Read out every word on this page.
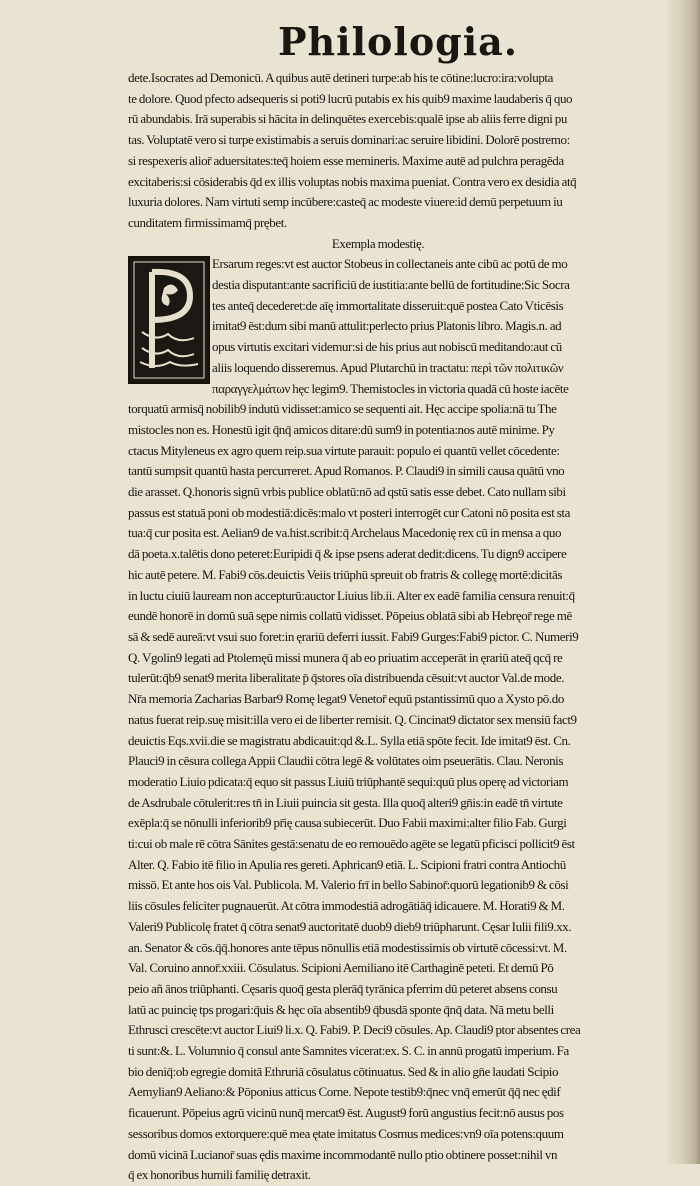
Philologia.
dete.Isocrates ad Demonicū. A quibus autē detineri turpe:ab his te cōtine:lucro:ira:volupta
te dolore. Quod pfecto adsequeris si poti9 lucrū putabis ex his quib9 maxime laudaberis q̄ quo
rū abundabis. Irā superabis si hācita in delinquētes exercebis:qualē ipse ab aliis ferre digni pu
tas. Voluptatē vero si turpe existimabis a seruis dominari:ac seruire libidini. Dolorē postremo:
si respexeris alior̄ aduersitates:teq̄ hoiem esse memineris. Maxime autē ad pulchra peragēda
excitaberis:si cōsiderabis q̄d ex illis voluptas nobis maxima pueniat. Contra vero ex desidia atq̄
luxuria dolores. Nam virtuti semp incūbere:casteq̄ ac modeste viuere:id demū perpetuum iu
cunditatem firmissimamq̄ prębet.
Exempla modestię.
Ersarum reges:vt est auctor Stobeus in collectaneis ante cibū ac potū de mo
destia disputant:ante sacrificiū de iustitia:ante bellū de fortitudine:Sic Socra
tes anteq̄ decederet:de aīę immortalitate disseruit:quē postea Cato Vticēsis
imitat9 ēst:dum sibi manū attulit:perlecto prius Platonis libro. Magis.n. ad
opus virtutis excitari videmur:si de his prius aut nobiscū meditando:aut cū
aliis loquendo disseremus. Apud Plutarchū in tractatu: περὶ τῶν πολιτικῶν
παραγγελμάτων hęc legim9. Themistocles in victoria quadā cū hoste iacēte
torquatū armisq̄ nobilib9 indutū vidisset:amico se sequenti ait. Hęc accipe spolia:nā tu The
mistocles non es. Honestū igit q̄nq̄ amicos ditare:dū sum9 in potentia:nos autē minime. Py
ctacus Mityleneus ex agro quem reip.sua virtute parauit: populo ei quantū vellet cōcedente:
tantū sumpsit quantū hasta percurreret. Apud Romanos. P. Claudi9 in simili causa quātū vno
die arasset. Q.honoris signū vrbis publice oblatū:nō ad qstū satis esse debet. Cato nullam sibi
passus est statuā poni ob modestiā:dicēs:malo vt posteri interrogēt cur Catoni nō posita est sta
tua:q̄ cur posita est. Aelian9 de va.hist.scribit:q̄ Archelaus Macedonię rex cū in mensa a quo
dā poeta.x.talētis dono peteret:Euripidi q̄ & ipse psens aderat dedit:dicens. Tu dign9 accipere
hic autē petere. M. Fabi9 cōs.deuictis Veiis triūphū spreuit ob fratris & collegę mortē:dicitās
in luctu ciuiū lauream non accepturū:auctor Liuius lib.ii. Alter ex eadē familia censura renuit:q̄
eundē honorē in domū suā sępe nimis collatū vidisset. Pōpeius oblatā sibi ab Hebręor̄ rege mē
sā & sedē aureā:vt vsui suo foret:in ęrariū deferri iussit. Fabi9 Gurges:Fabi9 pictor. C. Numeri9
Q. Vgolin9 legati ad Ptolemęū missi munera q̄ ab eo priuatim acceperāt in ęrariū ateq̄ qcq̄ re
tulerūt:q̄b9 senat9 merita liberalitate p̄ q̄stores oīa distribuenda cēsuit:vt auctor Val.de mode.
Nr̄a memoria Zacharias Barbar9 Romę legat9 Venetor̄ equū pstantissimū quo a Xysto pō.do
natus fuerat reip.suę misit:illa vero ei de liberter remisit. Q. Cincinat9 dictator sex mensiū fact9
deuictis Eqs.xvii.die se magistratu abdicauit:qd &.L. Sylla etiā spōte fecit. Ide imitat9 ēst. Cn.
Plauci9 in cēsura collega Appii Claudii cōtra legē & volūtates oim pseuerātis. Clau. Neronis
moderatio Liuio pdicata:q̄ equo sit passus Liuiū triūphantē sequi:quū plus operę ad victoriam
de Asdrubale cōtulerit:res tn̄ in Liuii puincia sit gesta. Illa quoq̄ alteri9 gn̄is:in eadē tn̄ virtute
exēpla:q̄ se nōnulli inferiorib9 pr̄ię causa subiecerūt. Duo Fabii maximi:alter filio Fab. Gurgi
ti:cui ob male rē cōtra Sānites gestā:senatu de eo remouēdo agēte se legatū pficisci pollicit9 ēst
Alter. Q. Fabio itē filio in Apulia res gereti. Aphrican9 etiā. L. Scipioni fratri contra Antiochū
missō. Et ante hos ois Val. Publicola. M. Valerio frī in bello Sabinor̄:quorū legationib9 & cōsi
liis cōsules feliciter pugnauerūt. At cōtra immodestiā adrogātiāq̄ idicauere. M. Horati9 & M.
Valeri9 Publicolę fratet q̄ cōtra senat9 auctoritatē duob9 dieb9 triūpharunt. Cęsar Iulii fili9.xx.
an. Senator & cōs.q̄q̄.honores ante tēpus nōnullis etiā modestissimis ob virtutē cōcessi:vt. M.
Val. Coruino annor̄.xxiii. Cōsulatus. Scipioni Aemiliano itē Carthaginē peteti. Et demū Pō
peio añ ānos triūphanti. Cęsaris quoq̄ gesta plerāq̄ tyrānica pferrim dū peteret absens consu
latū ac puincię tps progari:q̄uis & hęc oīa absentib9 q̄busdā sponte q̄nq̄ data. Nā metu belli
Ethrusci crescēte:vt auctor Liui9 li.x. Q. Fabi9. P. Deci9 cōsules. Ap. Claudi9 ptor absentes crea
ti sunt:&. L. Volumnio q̄ consul ante Samnites vicerat:ex. S. C. in annū progatū imperium. Fa
bio deniq̄:ob egregie domitā Ethruriā cōsulatus cōtinuatus. Sed & in alio gn̄e laudati Scipio
Aemylian9 Aeliano:& Pōponius atticus Corne. Nepote testib9:q̄nec vnq̄ emerūt q̄q̄ nec ędif
ficauerunt. Pōpeius agrū vicinū nunq̄ mercat9 ēst. August9 forū angustius fecit:nō ausus pos
sessoribus domos extorquere:quē mea ętate imitatus Cosmus medices:vn9 oīa potens:quum
domū vicinā Lucianor̄ suas ędis maxime incommodantē nullo ptio obtinere posset:nihil vn
q̄ ex honoribus humili familię detraxit.
